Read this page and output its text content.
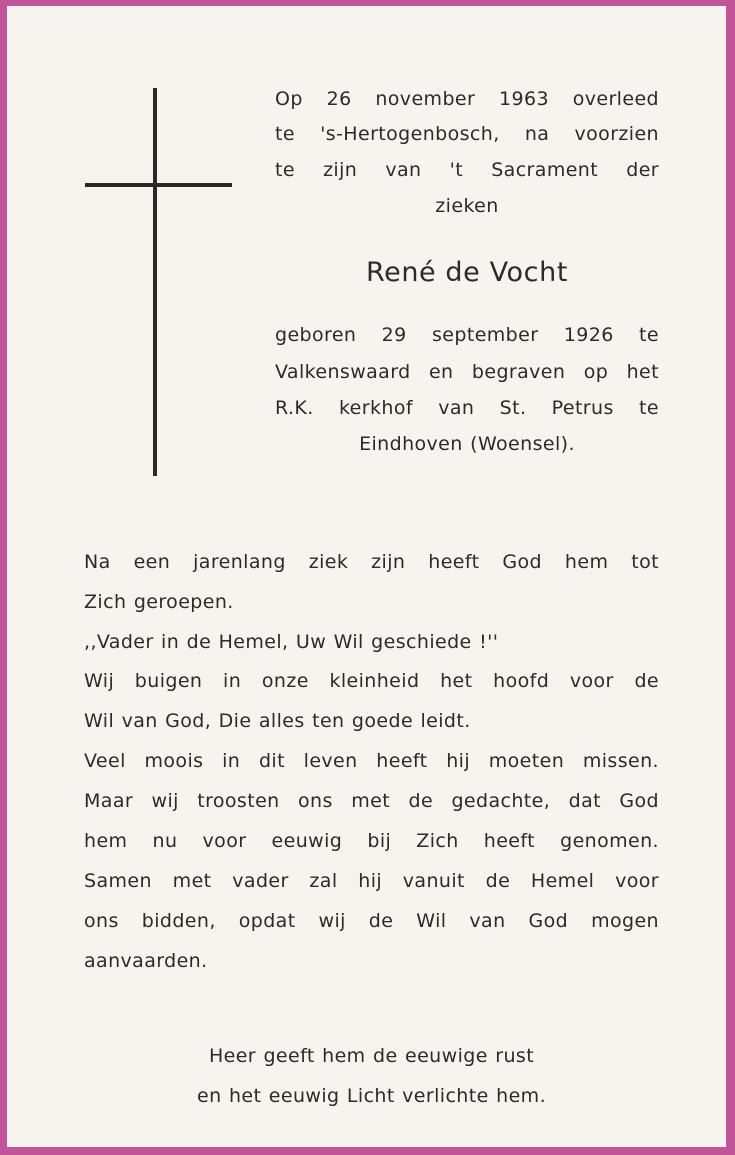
Op 26 november 1963 overleed
te 's-Hertogenbosch, na voorzien
te zijn van 't Sacrament der
zieken
René de Vocht
geboren 29 september 1926 te
Valkenswaard en begraven op het
R.K. kerkhof van St. Petrus te
Eindhoven (Woensel).
Na een jarenlang ziek zijn heeft God hem tot
Zich geroepen.
,,Vader in de Hemel, Uw Wil geschiede !''
Wij buigen in onze kleinheid het hoofd voor de
Wil van God, Die alles ten goede leidt.
Veel moois in dit leven heeft hij moeten missen.
Maar wij troosten ons met de gedachte, dat God
hem nu voor eeuwig bij Zich heeft genomen.
Samen met vader zal hij vanuit de Hemel voor
ons bidden, opdat wij de Wil van God mogen
aanvaarden.
Heer geeft hem de eeuwige rust
en het eeuwig Licht verlichte hem.
